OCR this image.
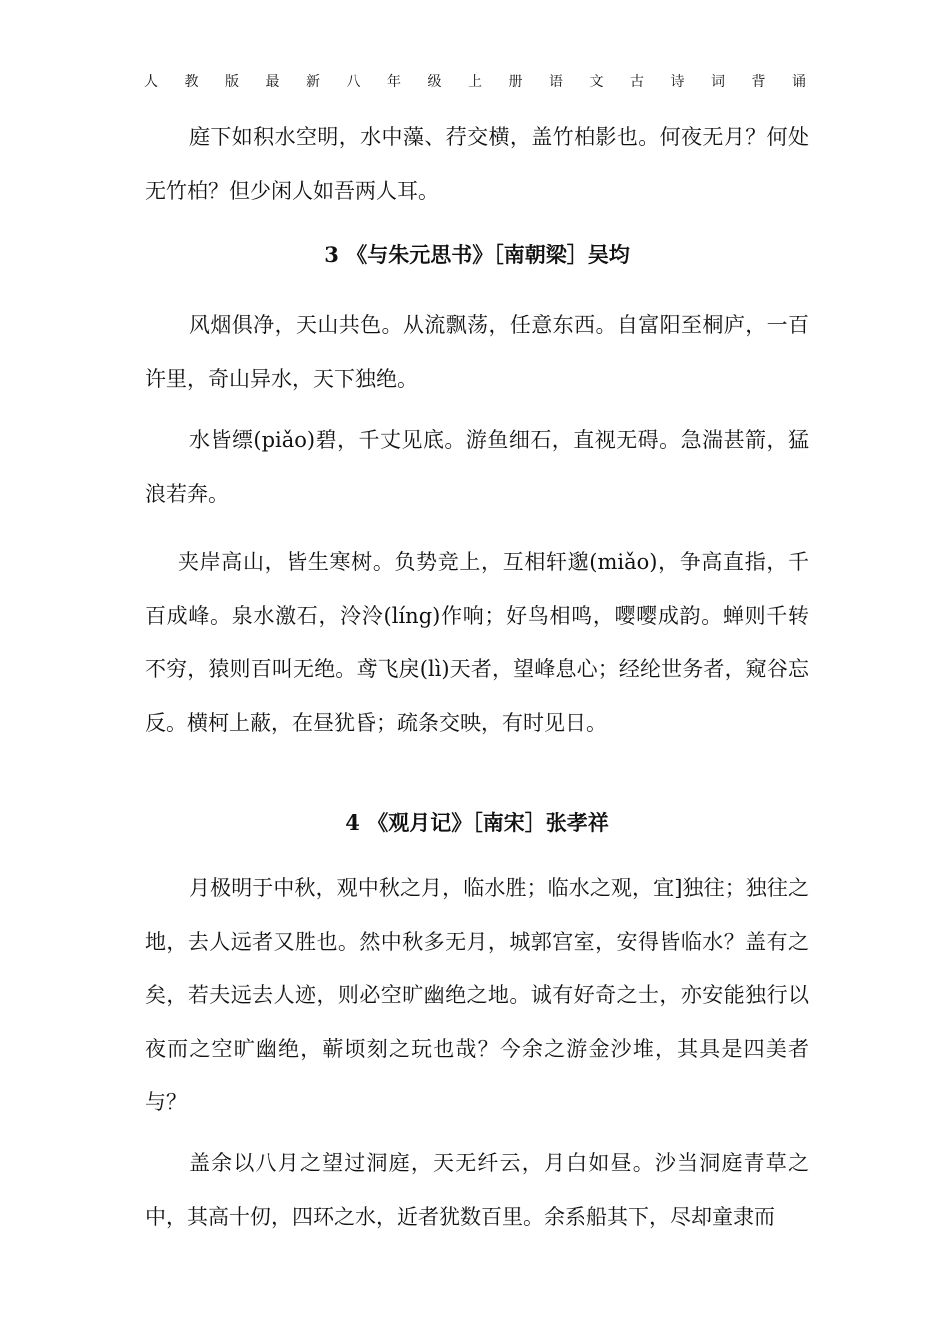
人 教 版 最 新 八 年 级 上 册 语 文 古 诗 词 背 诵

庭下如积水空明，水中藻、荇交横，盖竹柏影也。何夜无月？何处无竹柏？但少闲人如吾两人耳。

3 《与朱元思书》［南朝梁］吴均

风烟俱净，天山共色。从流飘荡，任意东西。自富阳至桐庐，一百许里，奇山异水，天下独绝。

水皆缥(piǎo)碧，千丈见底。游鱼细石，直视无碍。急湍甚箭，猛浪若奔。

夹岸高山，皆生寒树。负势竞上，互相轩邈(miǎo)，争高直指，千百成峰。泉水激石，泠泠(líng)作响；好鸟相鸣，嘤嘤成韵。蝉则千转不穷，猿则百叫无绝。鸢飞戾(lì)天者，望峰息心；经纶世务者，窥谷忘反。横柯上蔽，在昼犹昏；疏条交映，有时见日。

4 《观月记》［南宋］张孝祥

月极明于中秋，观中秋之月，临水胜；临水之观，宜]独往；独往之地，去人远者又胜也。然中秋多无月，城郭宫室，安得皆临水？盖有之矣，若夫远去人迹，则必空旷幽绝之地。诚有好奇之士，亦安能独行以夜而之空旷幽绝，蕲顷刻之玩也哉？今余之游金沙堆，其具是四美者与？

盖余以八月之望过洞庭，天无纤云，月白如昼。沙当洞庭青草之中，其高十仞，四环之水，近者犹数百里。余系船其下，尽却童隶而
